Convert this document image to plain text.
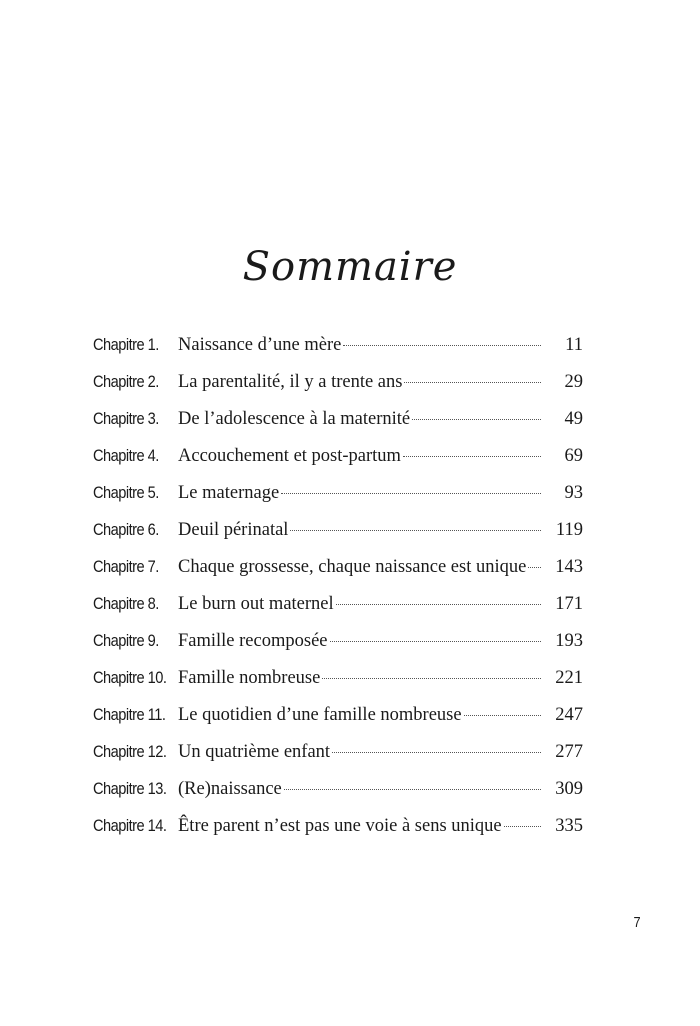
Sommaire
Chapitre 1.	Naissance d’une mère	11
Chapitre 2.	La parentalité, il y a trente ans	29
Chapitre 3.	De l’adolescence à la maternité	49
Chapitre 4.	Accouchement et post-partum	69
Chapitre 5.	Le maternage	93
Chapitre 6.	Deuil périnatal	119
Chapitre 7.	Chaque grossesse, chaque naissance est unique 143
Chapitre 8.	Le burn out maternel	171
Chapitre 9.	Famille recomposée	193
Chapitre 10. Famille nombreuse	221
Chapitre 11. Le quotidien d’une famille nombreuse	247
Chapitre 12. Un quatrième enfant	277
Chapitre 13. (Re)naissance	309
Chapitre 14. Être parent n’est pas une voie à sens unique	335
7
